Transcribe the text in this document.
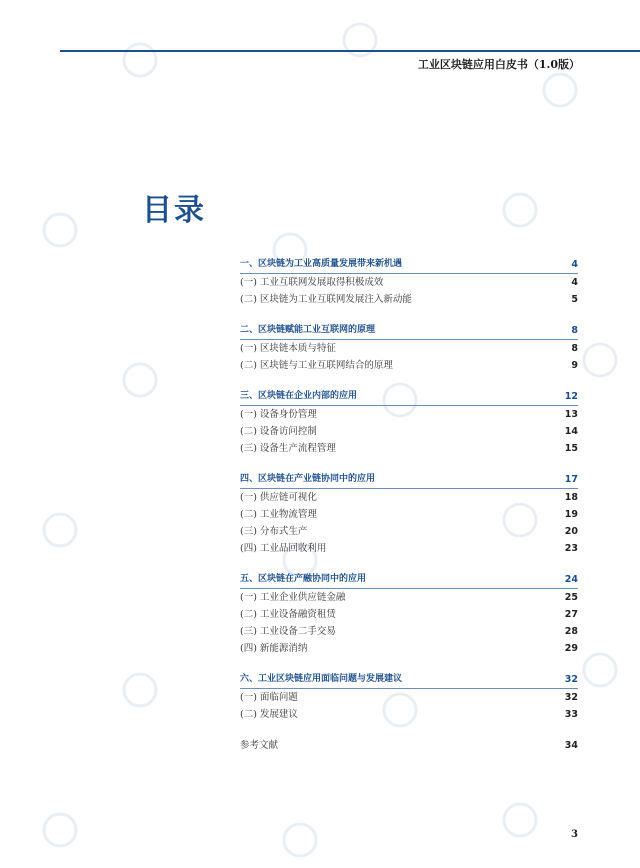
工业区块链应用白皮书（1.0版）
目录
一、区块链为工业高质量发展带来新机遇	4
(一) 工业互联网发展取得积极成效	4
(二) 区块链为工业互联网发展注入新动能	5
二、区块链赋能工业互联网的原理	8
(一) 区块链本质与特征	8
(二) 区块链与工业互联网结合的原理	9
三、区块链在企业内部的应用	12
(一) 设备身份管理	13
(二) 设备访问控制	14
(三) 设备生产流程管理	15
四、区块链在产业链协同中的应用	17
(一) 供应链可视化	18
(二) 工业物流管理	19
(三) 分布式生产	20
(四) 工业品回收利用	23
五、区块链在产融协同中的应用	24
(一) 工业企业供应链金融	25
(二) 工业设备融资租赁	27
(三) 工业设备二手交易	28
(四) 新能源消纳	29
六、工业区块链应用面临问题与发展建议	32
(一) 面临问题	32
(二) 发展建议	33
参考文献	34
3
